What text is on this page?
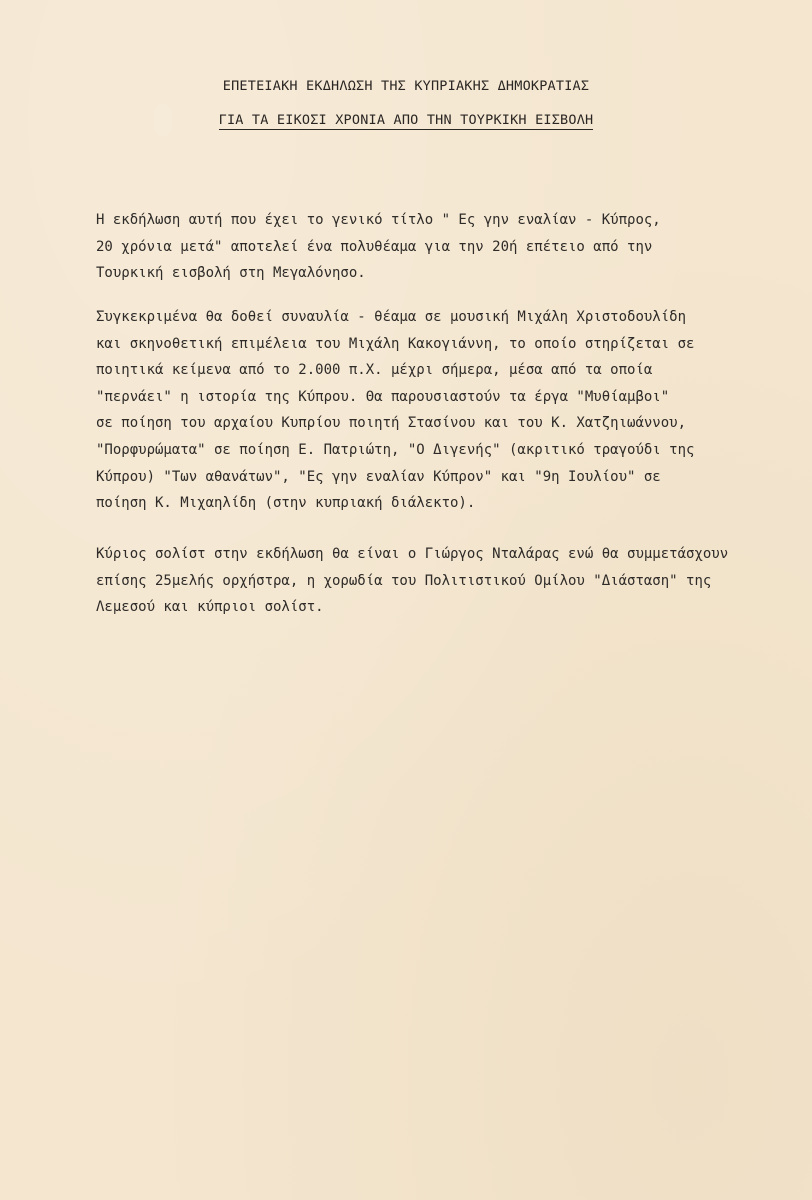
ΕΠΕΤΕΙΑΚΗ ΕΚΔΗΛΩΣΗ ΤΗΣ ΚΥΠΡΙΑΚΗΣ ΔΗΜΟΚΡΑΤΙΑΣ
ΓΙΑ ΤΑ ΕΙΚΟΣΙ ΧΡΟΝΙΑ ΑΠΟ ΤΗΝ ΤΟΥΡΚΙΚΗ ΕΙΣΒΟΛΗ
Η εκδήλωση αυτή που έχει το γενικό τίτλο " Ες γην εναλίαν - Κύπρος,
20 χρόνια μετά" αποτελεί ένα πολυθέαμα για την 20ή επέτειο από την
Τουρκική εισβολή στη Μεγαλόνησο.
Συγκεκριμένα θα δοθεί συναυλία - θέαμα σε μουσική Μιχάλη Χριστοδουλίδη
και σκηνοθετική επιμέλεια του Μιχάλη Κακογιάννη, το οποίο στηρίζεται σε
ποιητικά κείμενα από το 2.000 π.Χ. μέχρι σήμερα, μέσα από τα οποία
"περνάει" η ιστορία της Κύπρου. Θα παρουσιαστούν τα έργα "Μυθίαμβοι"
σε ποίηση του αρχαίου Κυπρίου ποιητή Στασίνου και του Κ. Χατζηιωάννου,
"Πορφυρώματα" σε ποίηση Ε. Πατριώτη, "Ο Διγενής" (ακριτικό τραγούδι της
Κύπρου) "Των αθανάτων", "Ες γην εναλίαν Κύπρον" και "9η Ιουλίου" σε
ποίηση Κ. Μιχαηλίδη (στην κυπριακή διάλεκτο).
Κύριος σολίστ στην εκδήλωση θα είναι ο Γιώργος Νταλάρας ενώ θα συμμετάσχουν
επίσης 25μελής ορχήστρα, η χορωδία του Πολιτιστικού Ομίλου "Διάσταση" της
Λεμεσού και κύπριοι σολίστ.
